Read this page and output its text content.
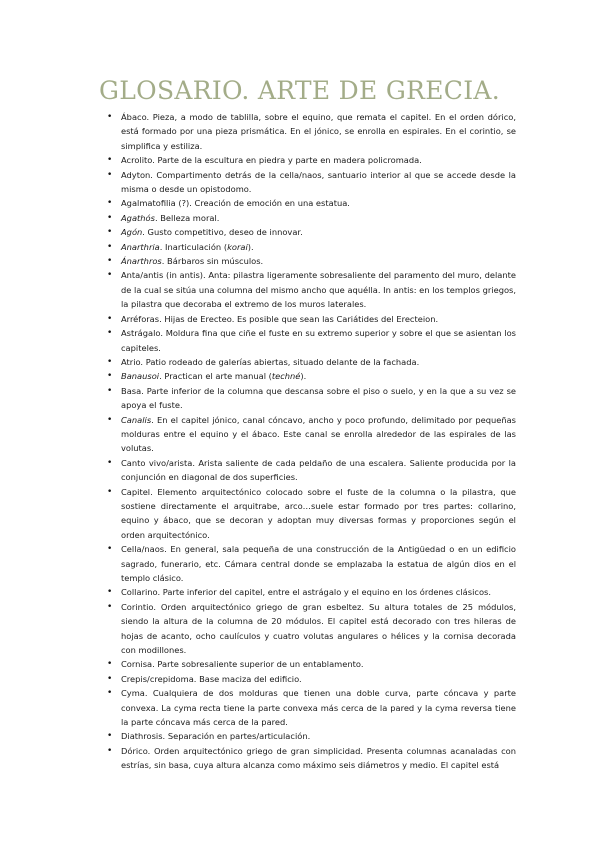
GLOSARIO. ARTE DE GRECIA.
•	Ábaco. Pieza, a modo de tablilla, sobre el equino, que remata el capitel. En el orden dórico, está formado por una pieza prismática. En el jónico, se enrolla en espirales. En el corintio, se simplifica y estiliza.
•	Acrolito. Parte de la escultura en piedra y parte en madera policromada.
•	Adyton. Compartimento detrás de la cella/naos, santuario interior al que se accede desde la misma o desde un opistodomo.
•	Agalmatofilia (?). Creación de emoción en una estatua.
•	Agathós. Belleza moral.
•	Agón. Gusto competitivo, deseo de innovar.
•	Anarthria. Inarticulación (korai).
•	Ánarthros. Bárbaros sin músculos.
•	Anta/antis (in antis). Anta: pilastra ligeramente sobresaliente del paramento del muro, delante de la cual se sitúa una columna del mismo ancho que aquélla. In antis: en los templos griegos, la pilastra que decoraba el extremo de los muros laterales.
•	Arréforas. Hijas de Erecteo. Es posible que sean las Cariátides del Erecteion.
•	Astrágalo. Moldura fina que ciñe el fuste en su extremo superior y sobre el que se asientan los capiteles.
•	Atrio. Patio rodeado de galerías abiertas, situado delante de la fachada.
•	Banausoi. Practican el arte manual (techné).
•	Basa. Parte inferior de la columna que descansa sobre el piso o suelo, y en la que a su vez se apoya el fuste.
•	Canalis. En el capitel jónico, canal cóncavo, ancho y poco profundo, delimitado por pequeñas molduras entre el equino y el ábaco. Este canal se enrolla alrededor de las espirales de las volutas.
•	Canto vivo/arista. Arista saliente de cada peldaño de una escalera. Saliente producida por la conjunción en diagonal de dos superficies.
•	Capitel. Elemento arquitectónico colocado sobre el fuste de la columna o la pilastra, que sostiene directamente el arquitrabe, arco…suele estar formado por tres partes: collarino, equino y ábaco, que se decoran y adoptan muy diversas formas y proporciones según el orden arquitectónico.
•	Cella/naos. En general, sala pequeña de una construcción de la Antigüedad o en un edificio sagrado, funerario, etc. Cámara central donde se emplazaba la estatua de algún dios en el templo clásico.
•	Collarino. Parte inferior del capitel, entre el astrágalo y el equino en los órdenes clásicos.
•	Corintio. Orden arquitectónico griego de gran esbeltez. Su altura totales de 25 módulos, siendo la altura de la columna de 20 módulos. El capitel está decorado con tres hileras de hojas de acanto, ocho caulículos y cuatro volutas angulares o hélices y la cornisa decorada con modillones.
•	Cornisa. Parte sobresaliente superior de un entablamento.
•	Crepis/crepidoma. Base maciza del edificio.
•	Cyma. Cualquiera de dos molduras que tienen una doble curva, parte cóncava y parte convexa. La cyma recta tiene la parte convexa más cerca de la pared y la cyma reversa tiene la parte cóncava más cerca de la pared.
•	Diathrosis. Separación en partes/articulación.
•	Dórico. Orden arquitectónico griego de gran simplicidad. Presenta columnas acanaladas con estrías, sin basa, cuya altura alcanza como máximo seis diámetros y medio. El capitel está
